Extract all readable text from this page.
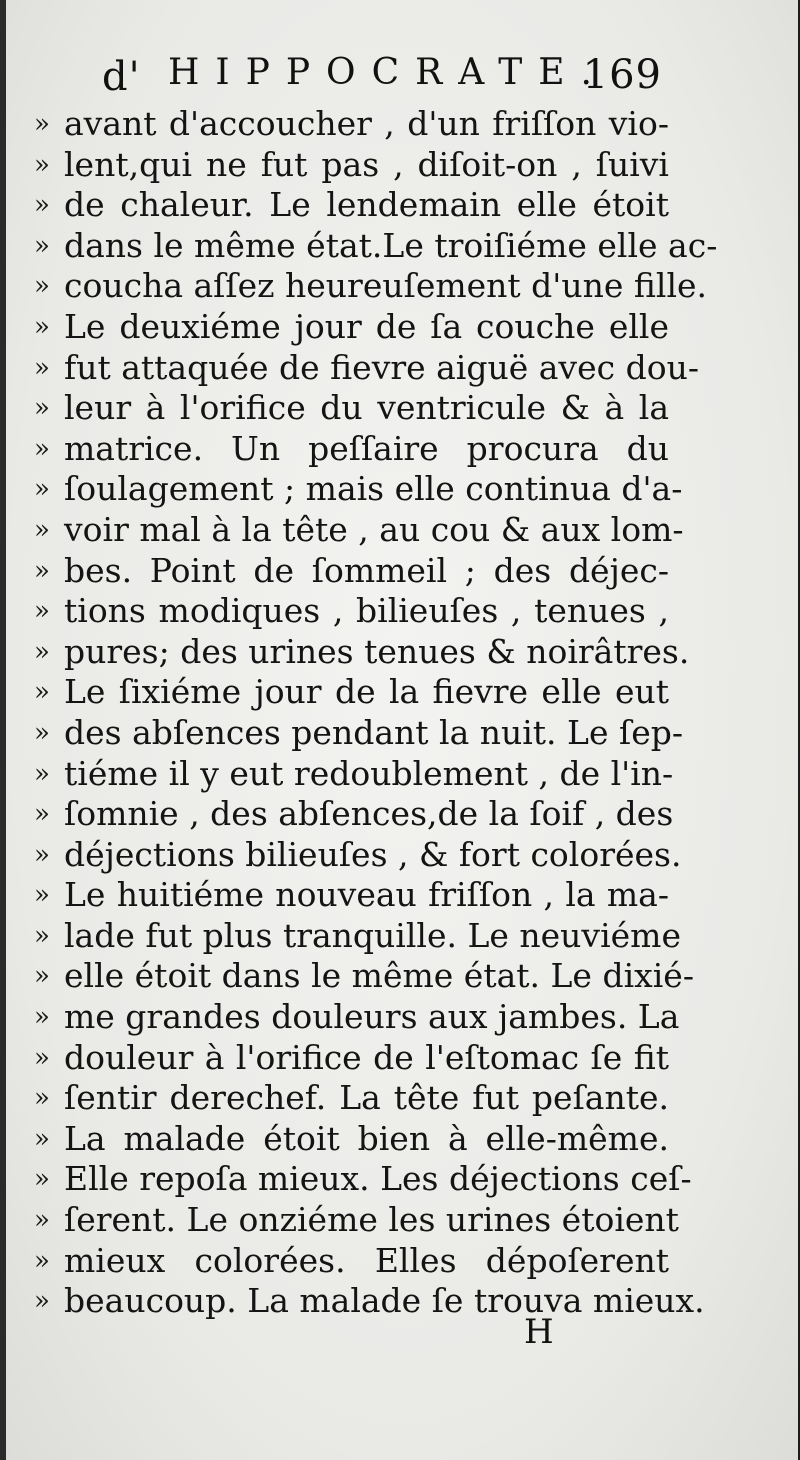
d' HIPPOCRATE.
169
» avant d'accoucher , d'un friſſon vio-
» lent,qui ne fut pas , diſoit-on , ſuivi
» de chaleur. Le lendemain elle étoit
» dans le même état.Le troiſiéme elle ac-
» coucha aſſez heureuſement d'une fille.
» Le deuxiéme jour de ſa couche elle
» fut attaquée de fievre aiguë avec dou-
» leur à l'orifice du ventricule & à la
» matrice. Un peſſaire procura du
» ſoulagement ; mais elle continua d'a-
» voir mal à la tête , au cou & aux lom-
» bes. Point de ſommeil ; des déjec-
» tions modiques , bilieuſes , tenues ,
» pures; des urines tenues & noirâtres.
» Le ſixiéme jour de la fievre elle eut
» des abſences pendant la nuit. Le ſep-
» tiéme il y eut redoublement , de l'in-
» ſomnie , des abſences,de la ſoif , des
» déjections bilieuſes , & fort colorées.
» Le huitiéme nouveau friſſon , la ma-
» lade fut plus tranquille. Le neuviéme
» elle étoit dans le même état. Le dixié-
» me grandes douleurs aux jambes. La
» douleur à l'orifice de l'eſtomac ſe fit
» ſentir derechef. La tête fut peſante.
» La malade étoit bien à elle-même.
» Elle repoſa mieux. Les déjections ceſ-
» ſerent. Le onziéme les urines étoient
» mieux colorées. Elles dépoſerent
» beaucoup. La malade ſe trouva mieux.
H
